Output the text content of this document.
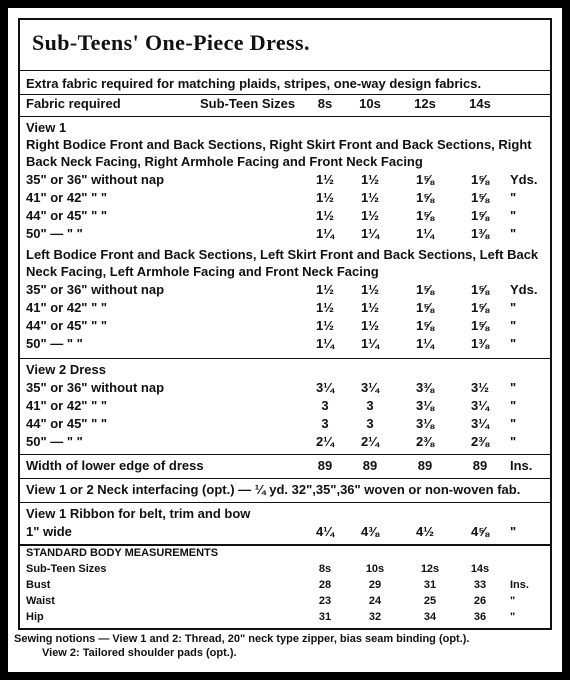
Sub-Teens' One-Piece Dress.
Extra fabric required for matching plaids, stripes, one-way design fabrics.
Fabric required	Sub-Teen Sizes	8s	10s	12s	14s
View 1
Right Bodice Front and Back Sections, Right Skirt Front and Back Sections, Right Back Neck Facing, Right Armhole Facing and Front Neck Facing
35" or 36" without nap	1½	1½	1⅝	1⅝	Yds.
41" or 42" " "	1½	1½	1⅝	1⅝	"
44" or 45" " "	1½	1½	1⅝	1⅝	"
50" — " "	1¼	1¼	1¼	1⅜	"
Left Bodice Front and Back Sections, Left Skirt Front and Back Sections, Left Back Neck Facing, Left Armhole Facing and Front Neck Facing
35" or 36" without nap	1½	1½	1⅝	1⅝	Yds.
41" or 42" " "	1½	1½	1⅝	1⅝	"
44" or 45" " "	1½	1½	1⅝	1⅝	"
50" — " "	1¼	1¼	1¼	1⅜	"
View 2 Dress
35" or 36" without nap	3¼	3¼	3⅜	3½	"
41" or 42" " "	3	3	3⅛	3¼	"
44" or 45" " "	3	3	3⅛	3¼	"
50" — " "	2¼	2¼	2⅜	2⅜	"
Width of lower edge of dress	89	89	89	89	Ins.
View 1 or 2 Neck interfacing (opt.) — ¼ yd. 32",35",36" woven or non-woven fab.
View 1 Ribbon for belt, trim and bow
1" wide	4¼	4⅜	4½	4⅝	"
STANDARD BODY MEASUREMENTS
Sub-Teen Sizes	8s	10s	12s	14s
Bust	28	29	31	33	Ins.
Waist	23	24	25	26	"
Hip	31	32	34	36	"
Sewing notions — View 1 and 2: Thread, 20" neck type zipper, bias seam binding (opt.).
View 2: Tailored shoulder pads (opt.).
